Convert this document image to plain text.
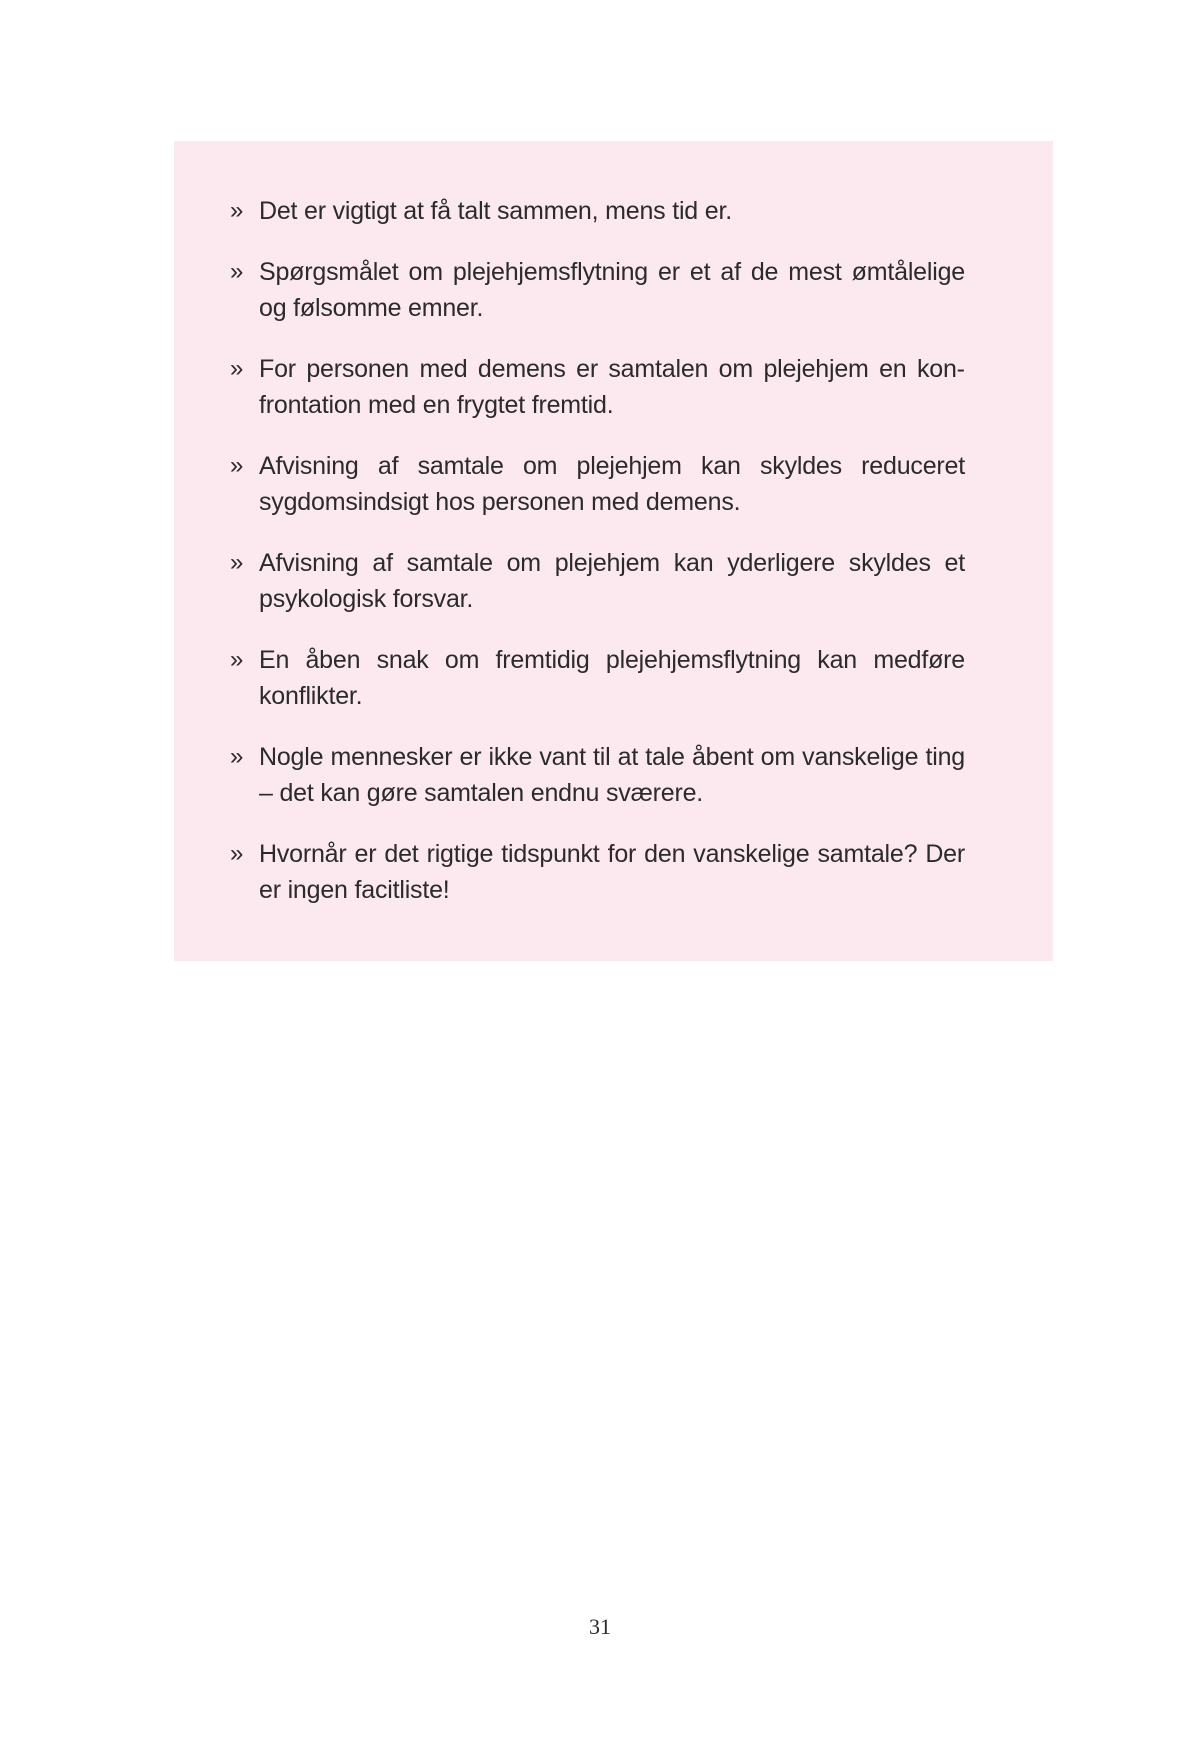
» Det er vigtigt at få talt sammen, mens tid er.
» Spørgsmålet om plejehjemsflytning er et af de mest ømtålelige og følsomme emner.
» For personen med demens er samtalen om plejehjem en konfrontation med en frygtet fremtid.
» Afvisning af samtale om plejehjem kan skyldes reduceret sygdomsindsigt hos personen med demens.
» Afvisning af samtale om plejehjem kan yderligere skyldes et psykologisk forsvar.
» En åben snak om fremtidig plejehjemsflytning kan medføre konflikter.
» Nogle mennesker er ikke vant til at tale åbent om vanskelige ting – det kan gøre samtalen endnu sværere.
» Hvornår er det rigtige tidspunkt for den vanskelige samtale? Der er ingen facitliste!
31
